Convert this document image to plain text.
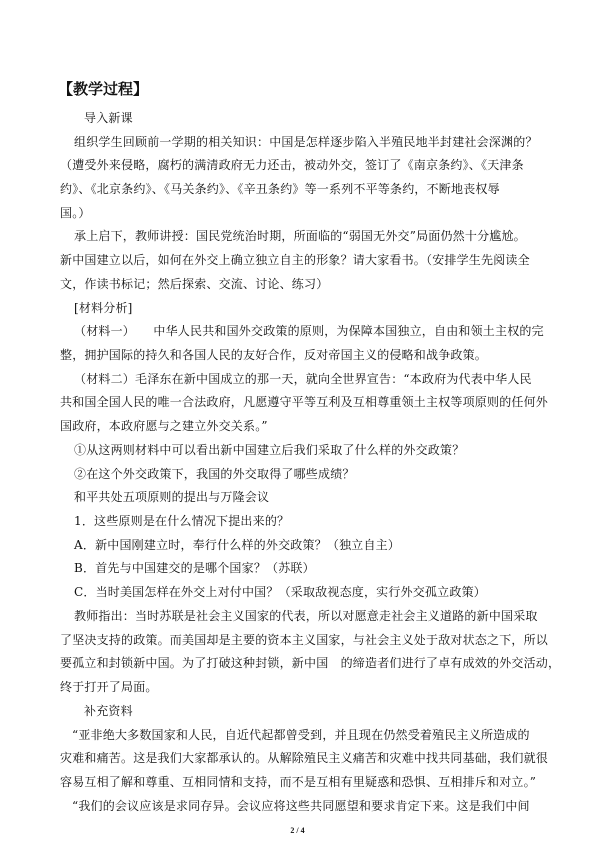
【教学过程】
导入新课
组织学生回顾前一学期的相关知识：中国是怎样逐步陷入半殖民地半封建社会深渊的？
（遭受外来侵略，腐朽的满清政府无力还击，被动外交，签订了《南京条约》、《天津条
约》、《北京条约》、《马关条约》、《辛丑条约》等一系列不平等条约，不断地丧权辱
国。）
承上启下，教师讲授：国民党统治时期，所面临的“弱国无外交”局面仍然十分尴尬。
新中国建立以后，如何在外交上确立独立自主的形象？请大家看书。（安排学生先阅读全
文，作读书标记；然后探索、交流、讨论、练习）
[材料分析]
（材料一）　　中华人民共和国外交政策的原则，为保障本国独立，自由和领土主权的完
整，拥护国际的持久和各国人民的友好合作，反对帝国主义的侵略和战争政策。
（材料二）毛泽东在新中国成立的那一天，就向全世界宣告：“本政府为代表中华人民
共和国全国人民的唯一合法政府，凡愿遵守平等互利及互相尊重领土主权等项原则的任何外
国政府，本政府愿与之建立外交关系。”
①从这两则材料中可以看出新中国建立后我们采取了什么样的外交政策？
②在这个外交政策下，我国的外交取得了哪些成绩？
和平共处五项原则的提出与万隆会议
1．这些原则是在什么情况下提出来的？
A．新中国刚建立时，奉行什么样的外交政策？（独立自主）
B．首先与中国建交的是哪个国家？（苏联）
C．当时美国怎样在外交上对付中国？（采取敌视态度，实行外交孤立政策）
教师指出：当时苏联是社会主义国家的代表，所以对愿意走社会主义道路的新中国采取
了坚决支持的政策。而美国却是主要的资本主义国家，与社会主义处于敌对状态之下，所以
要孤立和封锁新中国。为了打破这种封锁，新中国　的缔造者们进行了卓有成效的外交活动，
终于打开了局面。
补充资料
“亚非绝大多数国家和人民，自近代起都曾受到，并且现在仍然受着殖民主义所造成的
灾难和痛苦。这是我们大家都承认的。从解除殖民主义痛苦和灾难中找共同基础，我们就很
容易互相了解和尊重、互相同情和支持，而不是互相有里疑惑和恐惧、互相排斥和对立。”
“我们的会议应该是求同存异。会议应将这些共同愿望和要求肯定下来。这是我们中间
2 / 4
